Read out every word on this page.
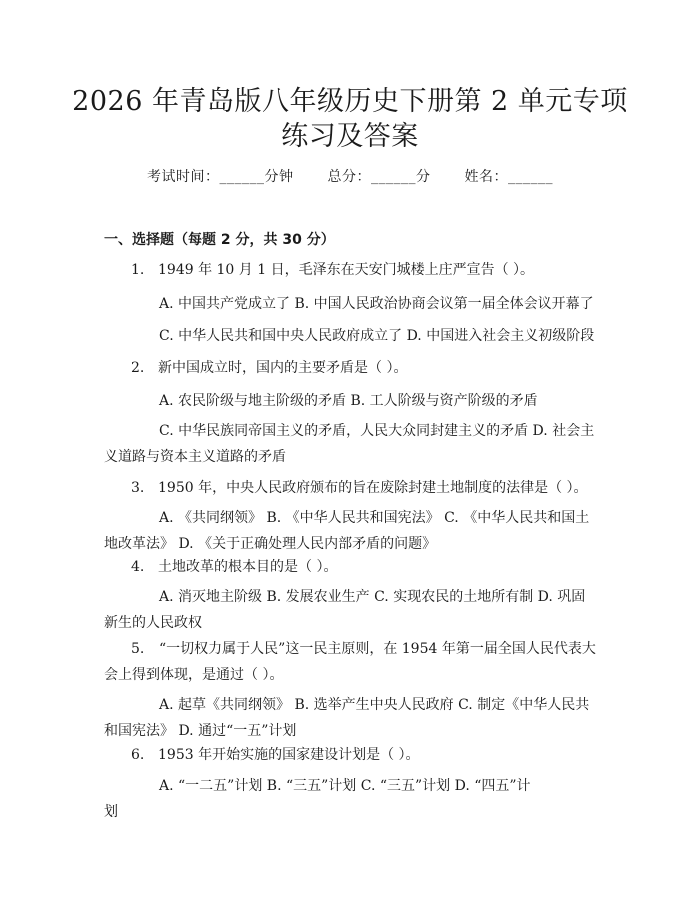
2026 年青岛版八年级历史下册第 2 单元专项
练习及答案
考试时间：______分钟 总分：______分 姓名：______
一、选择题（每题 2 分，共 30 分）
1. 1949 年 10 月 1 日，毛泽东在天安门城楼上庄严宣告（ ）。
A. 中国共产党成立了 B. 中国人民政治协商会议第一届全体会议开幕了
C. 中华人民共和国中央人民政府成立了 D. 中国进入社会主义初级阶段
2. 新中国成立时，国内的主要矛盾是（ ）。
A. 农民阶级与地主阶级的矛盾 B. 工人阶级与资产阶级的矛盾
C. 中华民族同帝国主义的矛盾，人民大众同封建主义的矛盾 D. 社会主
义道路与资本主义道路的矛盾
3. 1950 年，中央人民政府颁布的旨在废除封建土地制度的法律是（ ）。
A. 《共同纲领》 B. 《中华人民共和国宪法》 C. 《中华人民共和国土
地改革法》 D. 《关于正确处理人民内部矛盾的问题》
4. 土地改革的根本目的是（ ）。
A. 消灭地主阶级 B. 发展农业生产 C. 实现农民的土地所有制 D. 巩固
新生的人民政权
5. “一切权力属于人民”这一民主原则，在 1954 年第一届全国人民代表大
会上得到体现，是通过（ ）。
A. 起草《共同纲领》 B. 选举产生中央人民政府 C. 制定《中华人民共
和国宪法》 D. 通过“一五”计划
6. 1953 年开始实施的国家建设计划是（ ）。
A. “一二五”计划 B. “三五”计划 C. “三五”计划 D. “四五”计
划
